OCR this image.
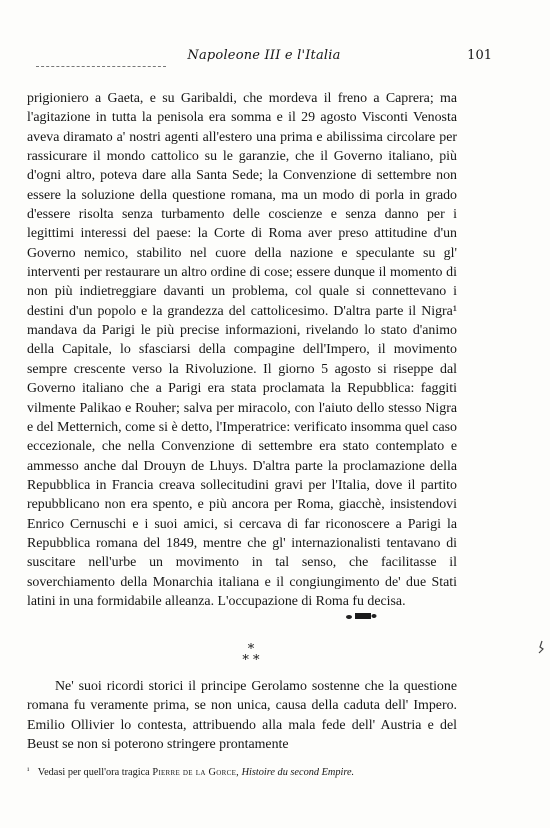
Napoleone III e l'Italia	101

prigioniero a Gaeta, e su Garibaldi, che mordeva il freno a Caprera; ma l'agitazione in tutta la penisola era somma e il 29 agosto Visconti Venosta aveva diramato a' nostri agenti all'estero una prima e abilissima circolare per rassicurare il mondo cattolico su le garanzie, che il Governo italiano, più d'ogni altro, poteva dare alla Santa Sede; la Convenzione di settembre non essere la soluzione della questione romana, ma un modo di porla in grado d'essere risolta senza turbamento delle coscienze e senza danno per i legittimi interessi del paese: la Corte di Roma aver preso attitudine d'un Governo nemico, stabilito nel cuore della nazione e speculante su gl' interventi per restaurare un altro ordine di cose; essere dunque il momento di non più indietreggiare davanti un problema, col quale si connettevano i destini d'un popolo e la grandezza del cattolicesimo. D'altra parte il Nigra¹ mandava da Parigi le più precise informazioni, rivelando lo stato d'animo della Capitale, lo sfasciarsi della compagine dell'Impero, il movimento sempre crescente verso la Rivoluzione. Il giorno 5 agosto si riseppe dal Governo italiano che a Parigi era stata proclamata la Repubblica: faggiti vilmente Palikao e Rouher; salva per miracolo, con l'aiuto dello stesso Nigra e del Metternich, come si è detto, l'Imperatrice: verificato insomma quel caso eccezionale, che nella Convenzione di settembre era stato contemplato e ammesso anche dal Drouyn de Lhuys. D'altra parte la proclamazione della Repubblica in Francia creava sollecitudini gravi per l'Italia, dove il partito repubblicano non era spento, e più ancora per Roma, giacchè, insistendovi Enrico Cernuschi e i suoi amici, si cercava di far riconoscere a Parigi la Repubblica romana del 1849, mentre che gl' internazionalisti tentavano di suscitare nell'urbe un movimento in tal senso, che facilitasse il soverchiamento della Monarchia italiana e il congiungimento de' due Stati latini in una formidabile alleanza. L'occupazione di Roma fu decisa.

*
* *

Ne' suoi ricordi storici il principe Gerolamo sostenne che la questione romana fu veramente prima, se non unica, causa della caduta dell' Impero. Emilio Ollivier lo contesta, attribuendo alla mala fede dell' Austria e del Beust se non si poterono stringere prontamente

¹ Vedasi per quell'ora tragica Pierre de la Gorce, Histoire du second Empire.
